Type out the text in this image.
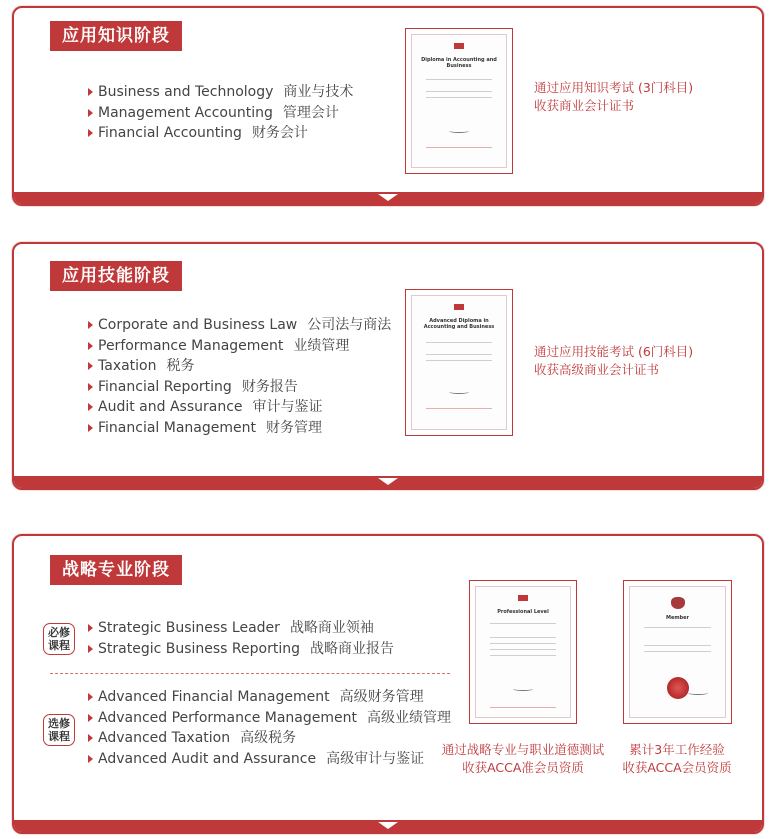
应用知识阶段
Business and Technology 商业与技术
Management Accounting 管理会计
Financial Accounting 财务会计
Diploma in Accounting and Business
通过应用知识考试 (3门科目)
收获商业会计证书
应用技能阶段
Corporate and Business Law 公司法与商法
Performance Management 业绩管理
Taxation 税务
Financial Reporting 财务报告
Audit and Assurance 审计与鉴证
Financial Management 财务管理
Advanced Diploma in Accounting and Business
通过应用技能考试 (6门科目)
收获高级商业会计证书
战略专业阶段
必修
课程
Strategic Business Leader 战略商业领袖
Strategic Business Reporting 战略商业报告
选修
课程
Advanced Financial Management 高级财务管理
Advanced Performance Management 高级业绩管理
Advanced Taxation 高级税务
Advanced Audit and Assurance 高级审计与鉴证
Professional Level
通过战略专业与职业道德测试
收获ACCA准会员资质
Member
累计3年工作经验
收获ACCA会员资质
